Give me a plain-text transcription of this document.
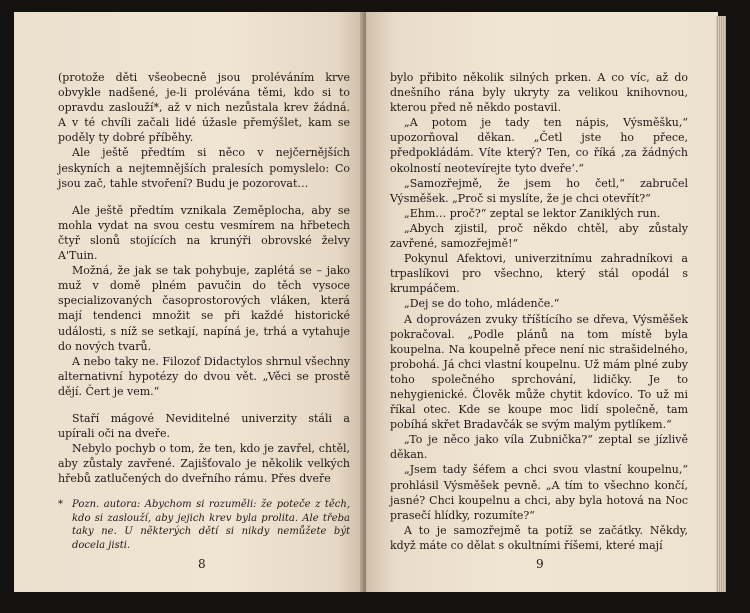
(protože děti všeobecně jsou proléváním krve obvykle nadšené, je-li prolévána těmi, kdo si to opravdu zaslouží*, až v nich nezůstala krev žádná. A v té chvíli začali lidé úžasle přemýšlet, kam se poděly ty dobré příběhy.

Ale ještě předtím si něco v nejčernějších jeskyních a nejtemnějších pralesích pomyslelo: Co jsou zač, tahle stvoření? Budu je pozorovat…

Ale ještě předtím vznikala Zeměplocha, aby se mohla vydat na svou cestu vesmírem na hřbetech čtyř slonů stojících na krunýři obrovské želvy A'Tuin.

Možná, že jak se tak pohybuje, zaplétá se – jako muž v domě plném pavučin do těch vysoce specializovaných časoprostorových vláken, která mají tendenci množit se při každé historické události, s níž se setkají, napíná je, trhá a vytahuje do nových tvarů.

A nebo taky ne. Filozof Didactylos shrnul všechny alternativní hypotézy do dvou vět. „Věci se prostě dějí. Čert je vem.“

Staří mágové Neviditelné univerzity stáli a upírali oči na dveře.

Nebylo pochyb o tom, že ten, kdo je zavřel, chtěl, aby zůstaly zavřené. Zajišťovalo je několik velkých hřebů zatlučených do dveřního rámu. Přes dveře

* Pozn. autora: Abychom si rozuměli: že poteče z těch, kdo si zaslouží, aby jejich krev byla prolita. Ale třeba taky ne. U některých dětí si nikdy nemůžete být docela jisti.
8

bylo přibito několik silných prken. A co víc, až do dnešního rána byly ukryty za velikou knihovnou, kterou před ně někdo postavil.

„A potom je tady ten nápis, Výsměšku,“ upozorňoval děkan. „Četl jste ho přece, předpokládám. Víte který? Ten, co říká ,za žádných okolností neotevírejte tyto dveře‘.“

„Samozřejmě, že jsem ho četl,“ zabručel Výsměšek. „Proč si myslíte, že je chci otevřít?“

„Ehm… proč?“ zeptal se lektor Zaniklých run.

„Abych zjistil, proč někdo chtěl, aby zůstaly zavřené, samozřejmě!“

Pokynul Afektovi, univerzitnímu zahradníkovi a trpaslíkovi pro všechno, který stál opodál s krumpáčem.

„Dej se do toho, mládenče.“

A doprovázen zvuky tříštícího se dřeva, Výsměšek pokračoval. „Podle plánů na tom místě byla koupelna. Na koupelně přece není nic strašidelného, probohá. Já chci vlastní koupelnu. Už mám plné zuby toho společného sprchování, lidičky. Je to nehygienické. Člověk může chytit kdovíco. To už mi říkal otec. Kde se koupe moc lidí společně, tam pobíhá skřet Bradavčák se svým malým pytlíkem.“

„To je něco jako víla Zubnička?“ zeptal se jízlivě děkan.

„Jsem tady šéfem a chci svou vlastní koupelnu,“ prohlásil Výsměšek pevně. „A tím to všechno končí, jasné? Chci koupelnu a chci, aby byla hotová na Noc prasečí hlídky, rozumíte?“

A to je samozřejmě ta potíž se začátky. Někdy, když máte co dělat s okultními říšemi, které mají

9
